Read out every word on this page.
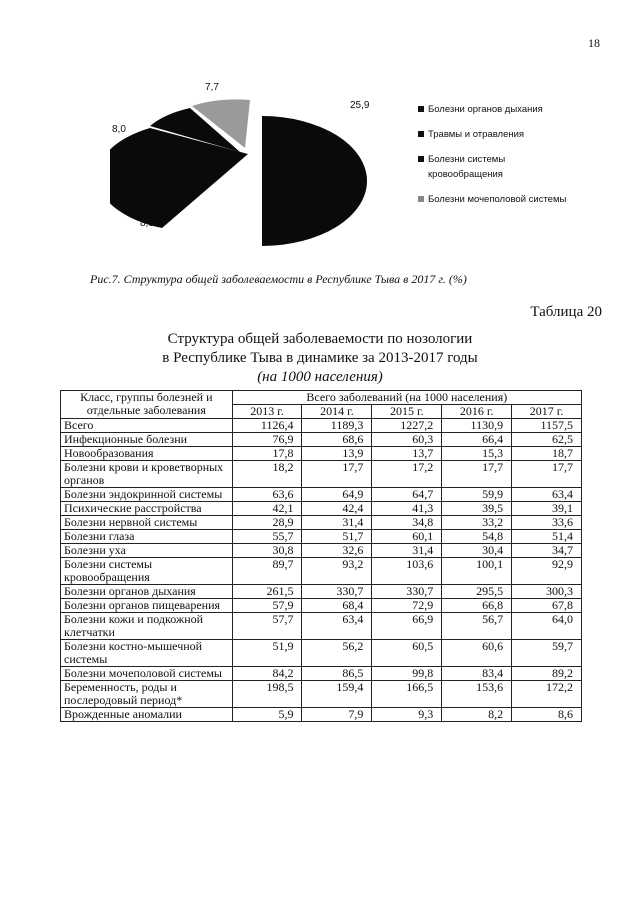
18
25,9
7,7
8,0
8,3
Болезни органов дыхания
Травмы и отравления
Болезни системы кровообращения
Болезни мочеполовой системы
Рис.7. Структура общей заболеваемости в Республике Тыва в 2017 г. (%)
Таблица 20
Структура общей заболеваемости по нозологии
в Республике Тыва в динамике за 2013-2017 годы
(на 1000 населения)
Класс, группы болезней и отдельные заболевания	Всего заболеваний (на 1000 населения)				
	2013 г.	2014 г.	2015 г.	2016 г.	2017 г.
Всего	1126,4	1189,3	1227,2	1130,9	1157,5
Инфекционные болезни	76,9	68,6	60,3	66,4	62,5
Новообразования	17,8	13,9	13,7	15,3	18,7
Болезни крови и кроветворных органов	18,2	17,7	17,2	17,7	17,7
Болезни эндокринной системы	63,6	64,9	64,7	59,9	63,4
Психические расстройства	42,1	42,4	41,3	39,5	39,1
Болезни нервной системы	28,9	31,4	34,8	33,2	33,6
Болезни глаза	55,7	51,7	60,1	54,8	51,4
Болезни уха	30,8	32,6	31,4	30,4	34,7
Болезни системы кровообращения	89,7	93,2	103,6	100,1	92,9
Болезни органов дыхания	261,5	330,7	330,7	295,5	300,3
Болезни органов пищеварения	57,9	68,4	72,9	66,8	67,8
Болезни кожи и подкожной клетчатки	57,7	63,4	66,9	56,7	64,0
Болезни костно-мышечной системы	51,9	56,2	60,5	60,6	59,7
Болезни мочеполовой системы	84,2	86,5	99,8	83,4	89,2
Беременность, роды и послеродовый период*	198,5	159,4	166,5	153,6	172,2
Врожденные аномалии	5,9	7,9	9,3	8,2	8,6
